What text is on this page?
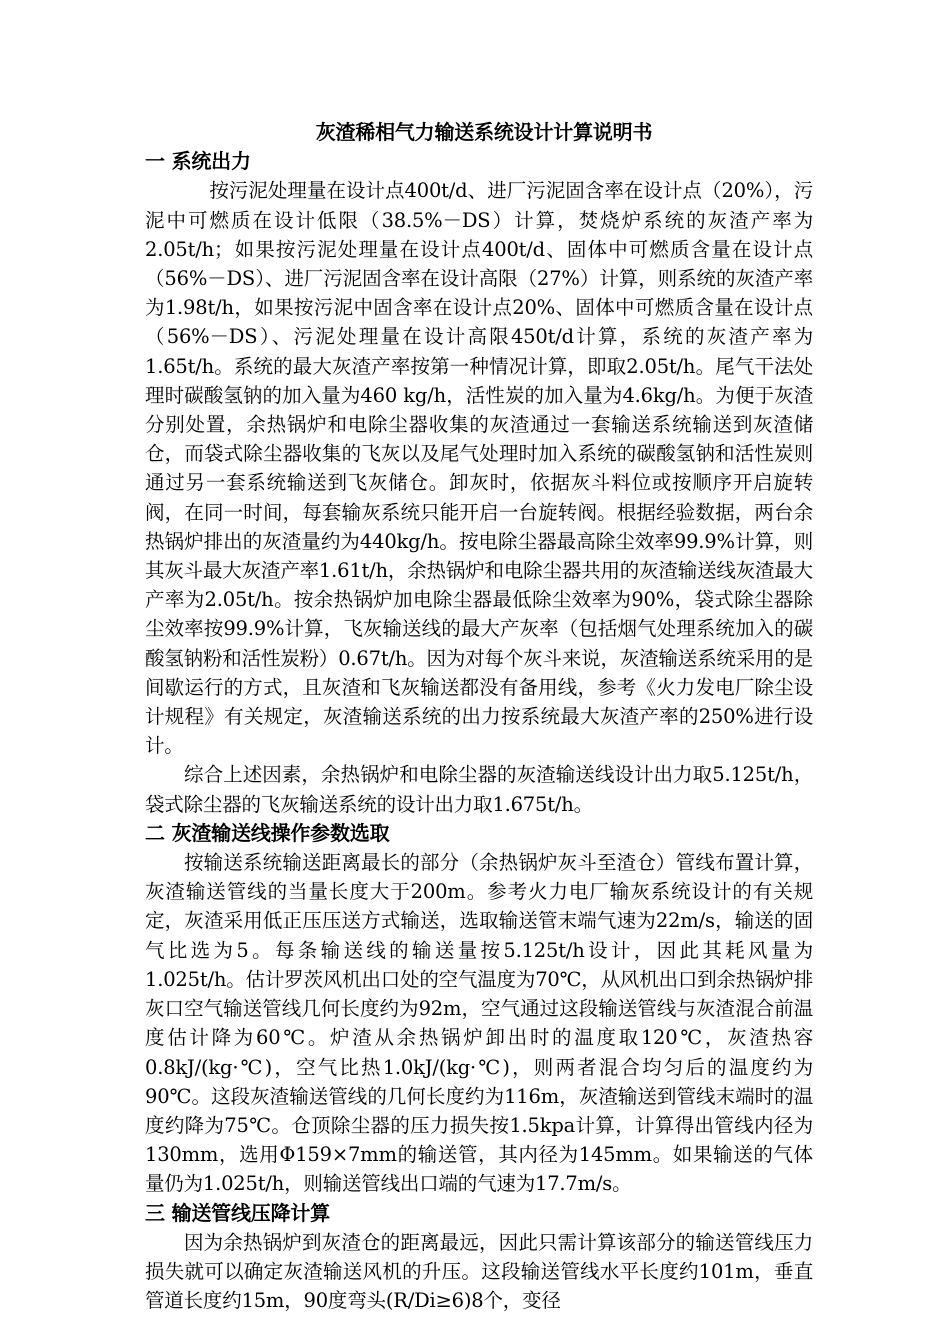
灰渣稀相气力输送系统设计计算说明书

一 系统出力

按污泥处理量在设计点400t/d、进厂污泥固含率在设计点（20%），污泥中可燃质在设计低限（38.5%－DS）计算，焚烧炉系统的灰渣产率为2.05t/h；如果按污泥处理量在设计点400t/d、固体中可燃质含量在设计点（56%－DS）、进厂污泥固含率在设计高限（27%）计算，则系统的灰渣产率为1.98t/h，如果按污泥中固含率在设计点20%、固体中可燃质含量在设计点（56%－DS）、污泥处理量在设计高限450t/d计算，系统的灰渣产率为1.65t/h。系统的最大灰渣产率按第一种情况计算，即取2.05t/h。尾气干法处理时碳酸氢钠的加入量为460 kg/h，活性炭的加入量为4.6kg/h。为便于灰渣分别处置，余热锅炉和电除尘器收集的灰渣通过一套输送系统输送到灰渣储仓，而袋式除尘器收集的飞灰以及尾气处理时加入系统的碳酸氢钠和活性炭则通过另一套系统输送到飞灰储仓。卸灰时，依据灰斗料位或按顺序开启旋转阀，在同一时间，每套输灰系统只能开启一台旋转阀。根据经验数据，两台余热锅炉排出的灰渣量约为440kg/h。按电除尘器最高除尘效率99.9%计算，则其灰斗最大灰渣产率1.61t/h，余热锅炉和电除尘器共用的灰渣输送线灰渣最大产率为2.05t/h。按余热锅炉加电除尘器最低除尘效率为90%，袋式除尘器除尘效率按99.9%计算，飞灰输送线的最大产灰率（包括烟气处理系统加入的碳酸氢钠粉和活性炭粉）0.67t/h。因为对每个灰斗来说，灰渣输送系统采用的是间歇运行的方式，且灰渣和飞灰输送都没有备用线，参考《火力发电厂除尘设计规程》有关规定，灰渣输送系统的出力按系统最大灰渣产率的250%进行设计。

综合上述因素，余热锅炉和电除尘器的灰渣输送线设计出力取5.125t/h，袋式除尘器的飞灰输送系统的设计出力取1.675t/h。

二 灰渣输送线操作参数选取

按输送系统输送距离最长的部分（余热锅炉灰斗至渣仓）管线布置计算，灰渣输送管线的当量长度大于200m。参考火力电厂输灰系统设计的有关规定，灰渣采用低正压压送方式输送，选取输送管末端气速为22m/s，输送的固气比选为5。每条输送线的输送量按5.125t/h设计，因此其耗风量为1.025t/h。估计罗茨风机出口处的空气温度为70℃，从风机出口到余热锅炉排灰口空气输送管线几何长度约为92m，空气通过这段输送管线与灰渣混合前温度估计降为60℃。炉渣从余热锅炉卸出时的温度取120℃，灰渣热容0.8kJ/(kg·℃)，空气比热1.0kJ/(kg·℃)，则两者混合均匀后的温度约为90℃。这段灰渣输送管线的几何长度约为116m，灰渣输送到管线末端时的温度约降为75℃。仓顶除尘器的压力损失按1.5kpa计算，计算得出管线内径为130mm，选用Φ159×7mm的输送管，其内径为145mm。如果输送的气体量仍为1.025t/h，则输送管线出口端的气速为17.7m/s。

三 输送管线压降计算

因为余热锅炉到灰渣仓的距离最远，因此只需计算该部分的输送管线压力损失就可以确定灰渣输送风机的升压。这段输送管线水平长度约101m，垂直管道长度约15m，90度弯头(R/Di≥6)8个，变径
